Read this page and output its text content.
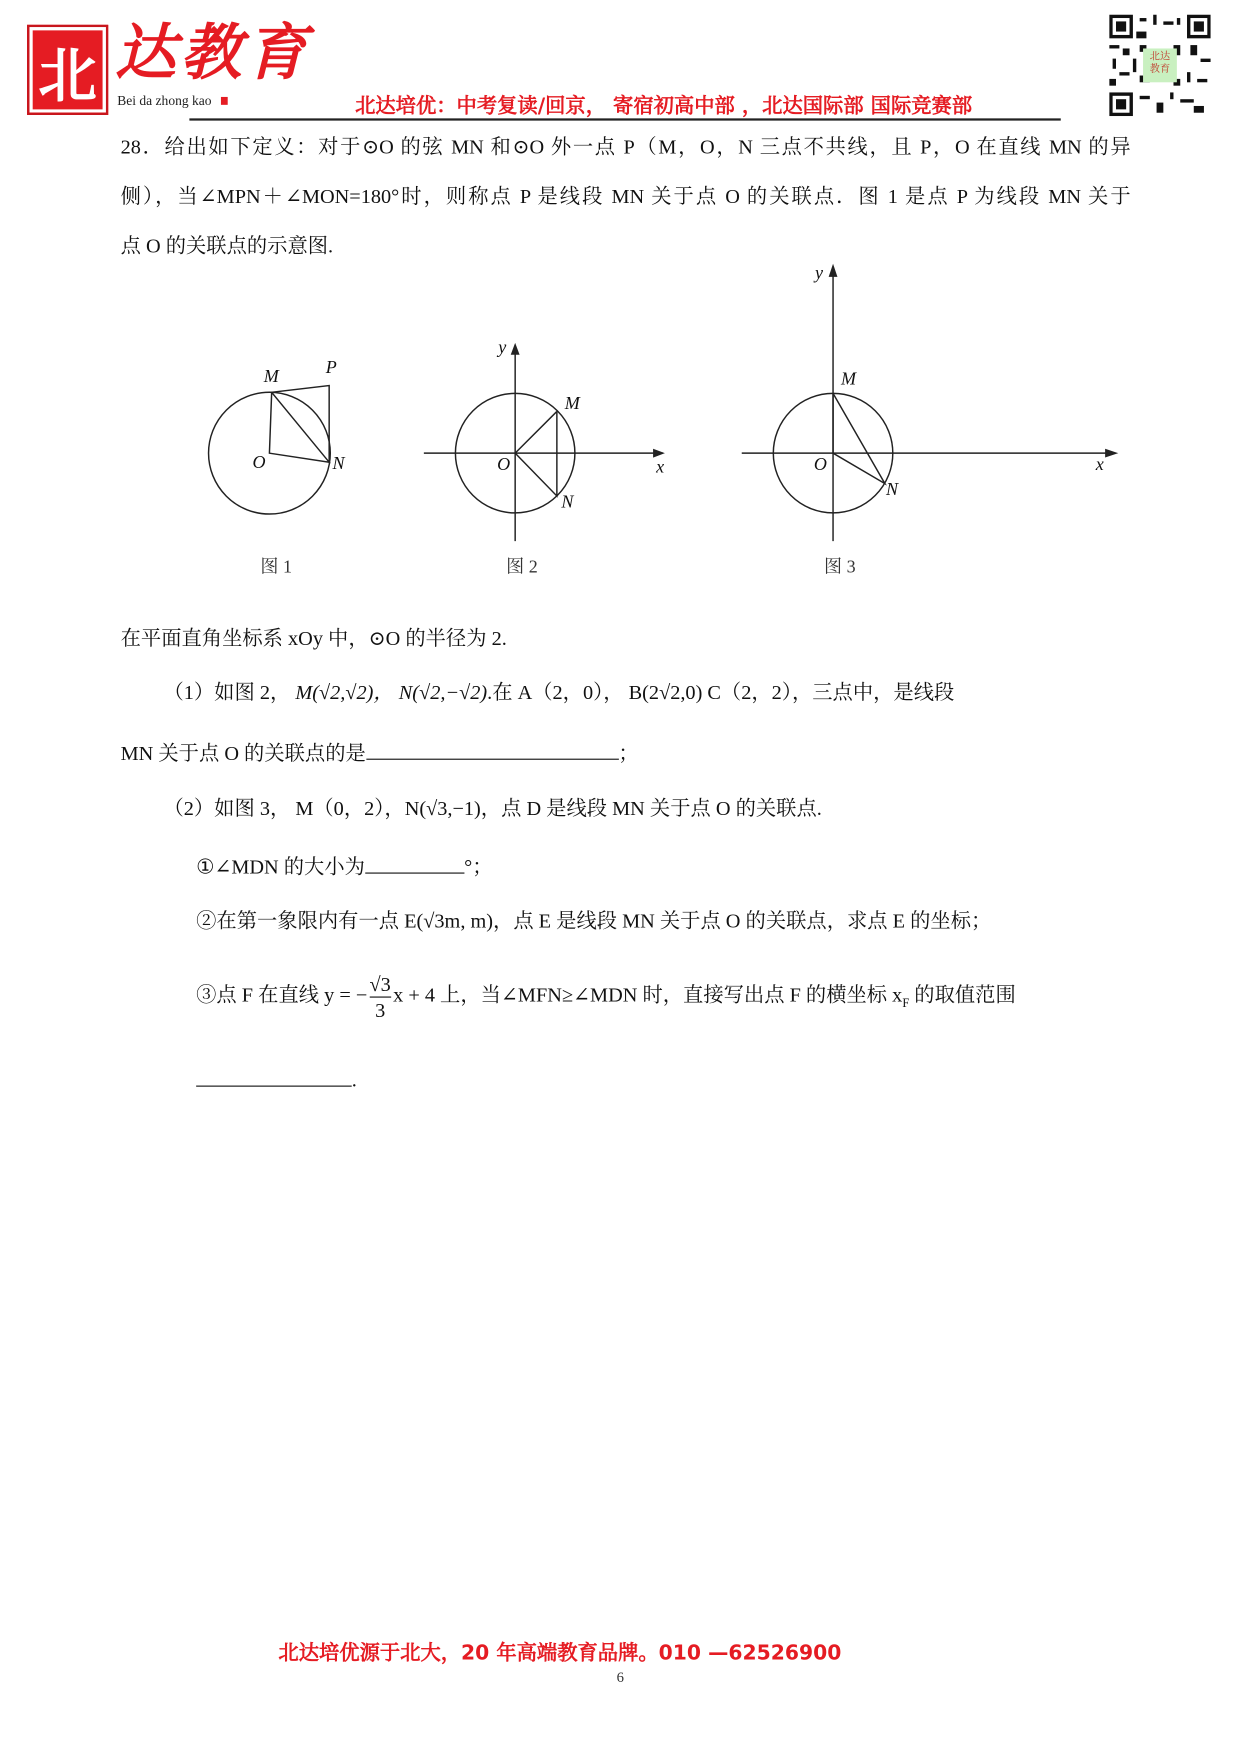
北 达教育
Bei da zhong kao	北达培优：中考复读/回京， 寄宿初高中部 ，北达国际部 国际竞赛部
北达教育
28．给出如下定义：对于⊙O 的弦 MN 和⊙O 外一点 P（M，O，N 三点不共线，且 P，O 在直线 MN 的异
侧），当∠MPN＋∠MON=180°时，则称点 P 是线段 MN 关于点 O 的关联点．图 1 是点 P 为线段 MN 关于
点 O 的关联点的示意图.
M	P
O	N
图 1
y
M
O
N
x
图 2
y
M
O
N
x
图 3
在平面直角坐标系 xOy 中，⊙O 的半径为 2.
（1）如图 2， M(√2,√2)， N(√2,−√2).在 A（2，0）， B(2√2,0) C（2，2），三点中，是线段
MN 关于点 O 的关联点的是	；
（2）如图 3， M（0，2），N(√3,−1)，点 D 是线段 MN 关于点 O 的关联点.
①∠MDN 的大小为	°；
②在第一象限内有一点 E(√3m, m)，点 E 是线段 MN 关于点 O 的关联点，求点 E 的坐标；
③点 F 在直线 y = − $\frac{√3}{3}$ x + 4 上，当∠MFN≥∠MDN 时，直接写出点 F 的横坐标 $x_F$ 的取值范围
.
北达培优源于北大，20 年高端教育品牌。010 —62526900
6
